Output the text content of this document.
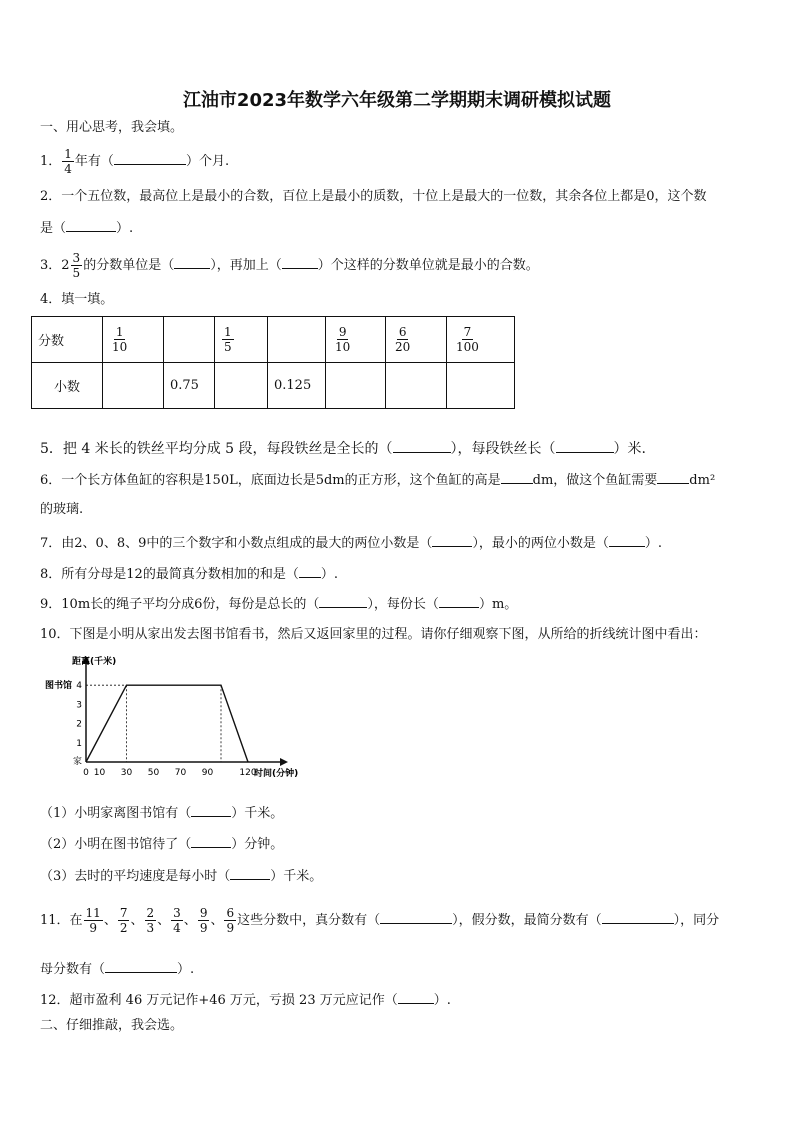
江油市2023年数学六年级第二学期期末调研模拟试题
一、用心思考，我会填。
1． $\frac{1}{4}$ 年有（	）个月.
2．一个五位数，最高位上是最小的合数，百位上是最小的质数，十位上是最大的一位数，其余各位上都是0，这个数
是（	）.
3．$2 \frac{3}{5}$ 的分数单位是（	），再加上（	）个这样的分数单位就是最小的合数。
4．填一填。
分数	$\frac{1}{10}$		$\frac{1}{5}$		$\frac{9}{10}$	$\frac{6}{20}$	$\frac{7}{100}$

小数		0.75		0.125			
5．把 4 米长的铁丝平均分成 5 段，每段铁丝是全长的（	），每段铁丝长（	）米.
6．一个长方体鱼缸的容积是150L，底面边长是5dm的正方形，这个鱼缸的高是 dm，做这个鱼缸需要 dm²
的玻璃.
7．由2、0、8、9中的三个数字和小数点组成的最大的两位小数是（	），最小的两位小数是（	）.
8．所有分母是12的最简真分数相加的和是（ ）.
9．10m长的绳子平均分成6份，每份是总长的（	），每份长（	）m。
10．下图是小明从家出发去图书馆看书，然后又返回家里的过程。请你仔细观察下图，从所给的折线统计图中看出：
距离(千米)
时间(分钟)
1
2
3
4
图书馆
家
0 10 30 50 70 90	120
（1）小明家离图书馆有（	）千米。
（2）小明在图书馆待了（	）分钟。
（3）去时的平均速度是每小时（	）千米。
11．在 $\frac{11}{9}$ 、 $\frac{7}{2}$ 、 $\frac{2}{3}$ 、 $\frac{3}{4}$ 、 $\frac{9}{9}$ 、 $\frac{6}{9}$ 这些分数中，真分数有（	），假分数，最简分数有（	），同分
母分数有（	）.
12．超市盈利 46 万元记作+46 万元，亏损 23 万元应记作（	）.
二、仔细推敲，我会选。
